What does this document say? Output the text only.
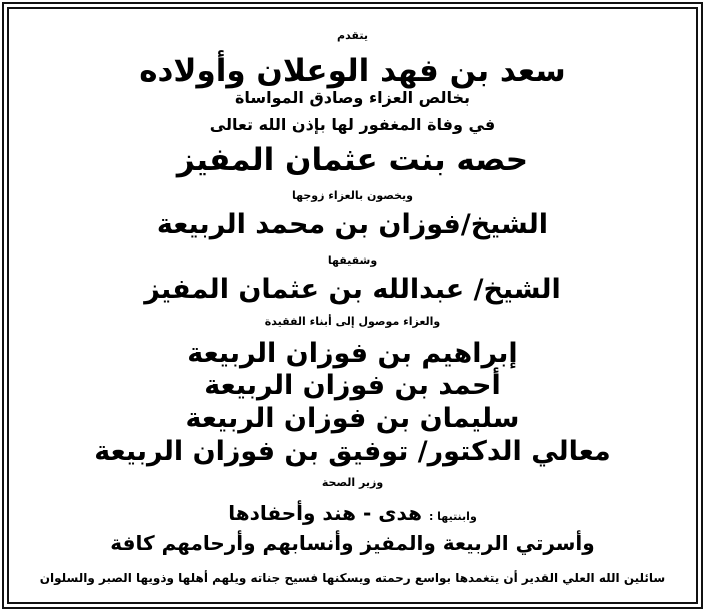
يتقدم
سعد بن فهد الوعلان وأولاده
بخالص العزاء وصادق المواساة
في وفاة المغفور لها بإذن الله تعالى
حصه بنت عثمان المفيز
ويخصون بالعزاء زوجها
الشيخ/فوزان بن محمد الربيعة
وشقيقها
الشيخ/ عبدالله بن عثمان المفيز
والعزاء موصول إلى أبناء الفقيدة
إبراهيم بن فوزان الربيعة
أحمد بن فوزان الربيعة
سليمان بن فوزان الربيعة
معالي الدكتور/ توفيق بن فوزان الربيعة
وزير الصحة
وابنتيها : هدى - هند وأحفادها
وأسرتي الربيعة والمفيز وأنسابهم وأرحامهم كافة
سائلين الله العلي القدير أن يتغمدها بواسع رحمته ويسكنها فسيح جناته ويلهم أهلها وذويها الصبر والسلوان
